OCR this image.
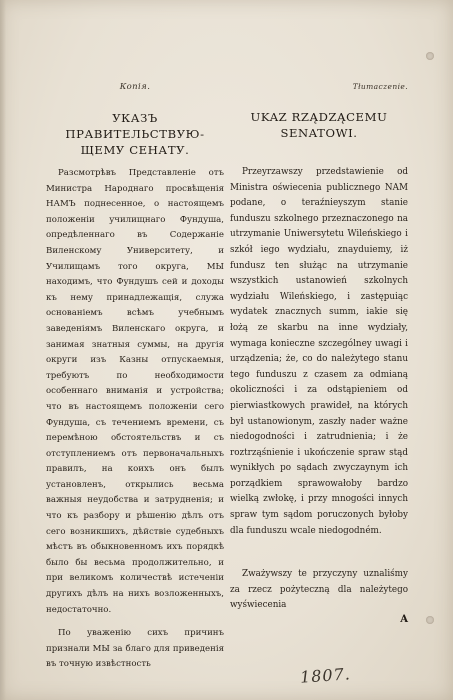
Копія.
УКАЗЪ ПРАВИТЕЛЬСТВУЮ-ЩЕМУ СЕНАТУ.

Разсмотрѣвъ Представленіе отъ Министра Народнаго просвѣщенія НАМЪ поднесенное, о настоящемъ положеніи училищнаго Фундуша, опредѣленнаго въ Содержаніе Виленскому Университету, и Училищамъ того округа, МЫ находимъ, что Фундушъ сей и доходы къ нему принадлежащія, служа основаніемъ всѣмъ учебнымъ заведеніямъ Виленскаго округа, и занимая знатныя суммы, на другія округи изъ Казны отпускаемыя, требуютъ по необходимости особеннаго вниманія и устройства; что въ настоящемъ положеніи сего Фундуша, съ течениемъ времени, съ перемѣною обстоятельствъ и съ отступлениемъ отъ первоначальныхъ правилъ, на коихъ онъ былъ установленъ, открылись весьма важныя неудобства и затрудненія; и что къ разбору и рѣшенію дѣлъ отъ сего возникшихъ, дѣйствіе судебныхъ мѣстъ въ обыкновенномъ ихъ порядкѣ было бы весьма продолжительно, и при великомъ количествѣ истеченіи другихъ дѣлъ на нихъ возложенныхъ, недостаточно.

По уваженію сихъ причинъ признали МЫ за благо для приведенія въ точную извѣстность

Tłumaczenie.
UKAZ RZĄDZĄCEMU SENATOWI.

Przeyrzawszy przedstawienie od Ministra oświecenia publicznego NAM podane, o teraźnieyszym stanie funduszu szkolnego przeznaczonego na utrzymanie Uniwersytetu Wileńskiego i szkół iego wydziału, znayduiemy, iż fundusz ten służąc na utrzymanie wszystkich ustanowień szkolnych wydziału Wileńskiego, i zastępuiąc wydatek znacznych summ, iakie się łożą ze skarbu na inne wydziały, wymaga konieczne szczególney uwagi i urządzenia; że, co do należytego stanu tego funduszu z czasem za odmianą okoliczności i za odstąpieniem od pierwiastkowych prawideł, na których był ustanowionym, zaszły nader ważne niedogodności i zatrudnienia; i że roztrząśnienie i ukończenie spraw stąd wynikłych po sądach zwyczaynym ich porządkiem sprawowałoby bardzo wielką zwłokę, i przy mnogości innych spraw tym sądom poruczonych byłoby dla funduszu wcale niedogodném.

Zważywszy te przyczyny uznaliśmy za rzecz pożyteczną dla należytego wyświecenia

A
1807.
